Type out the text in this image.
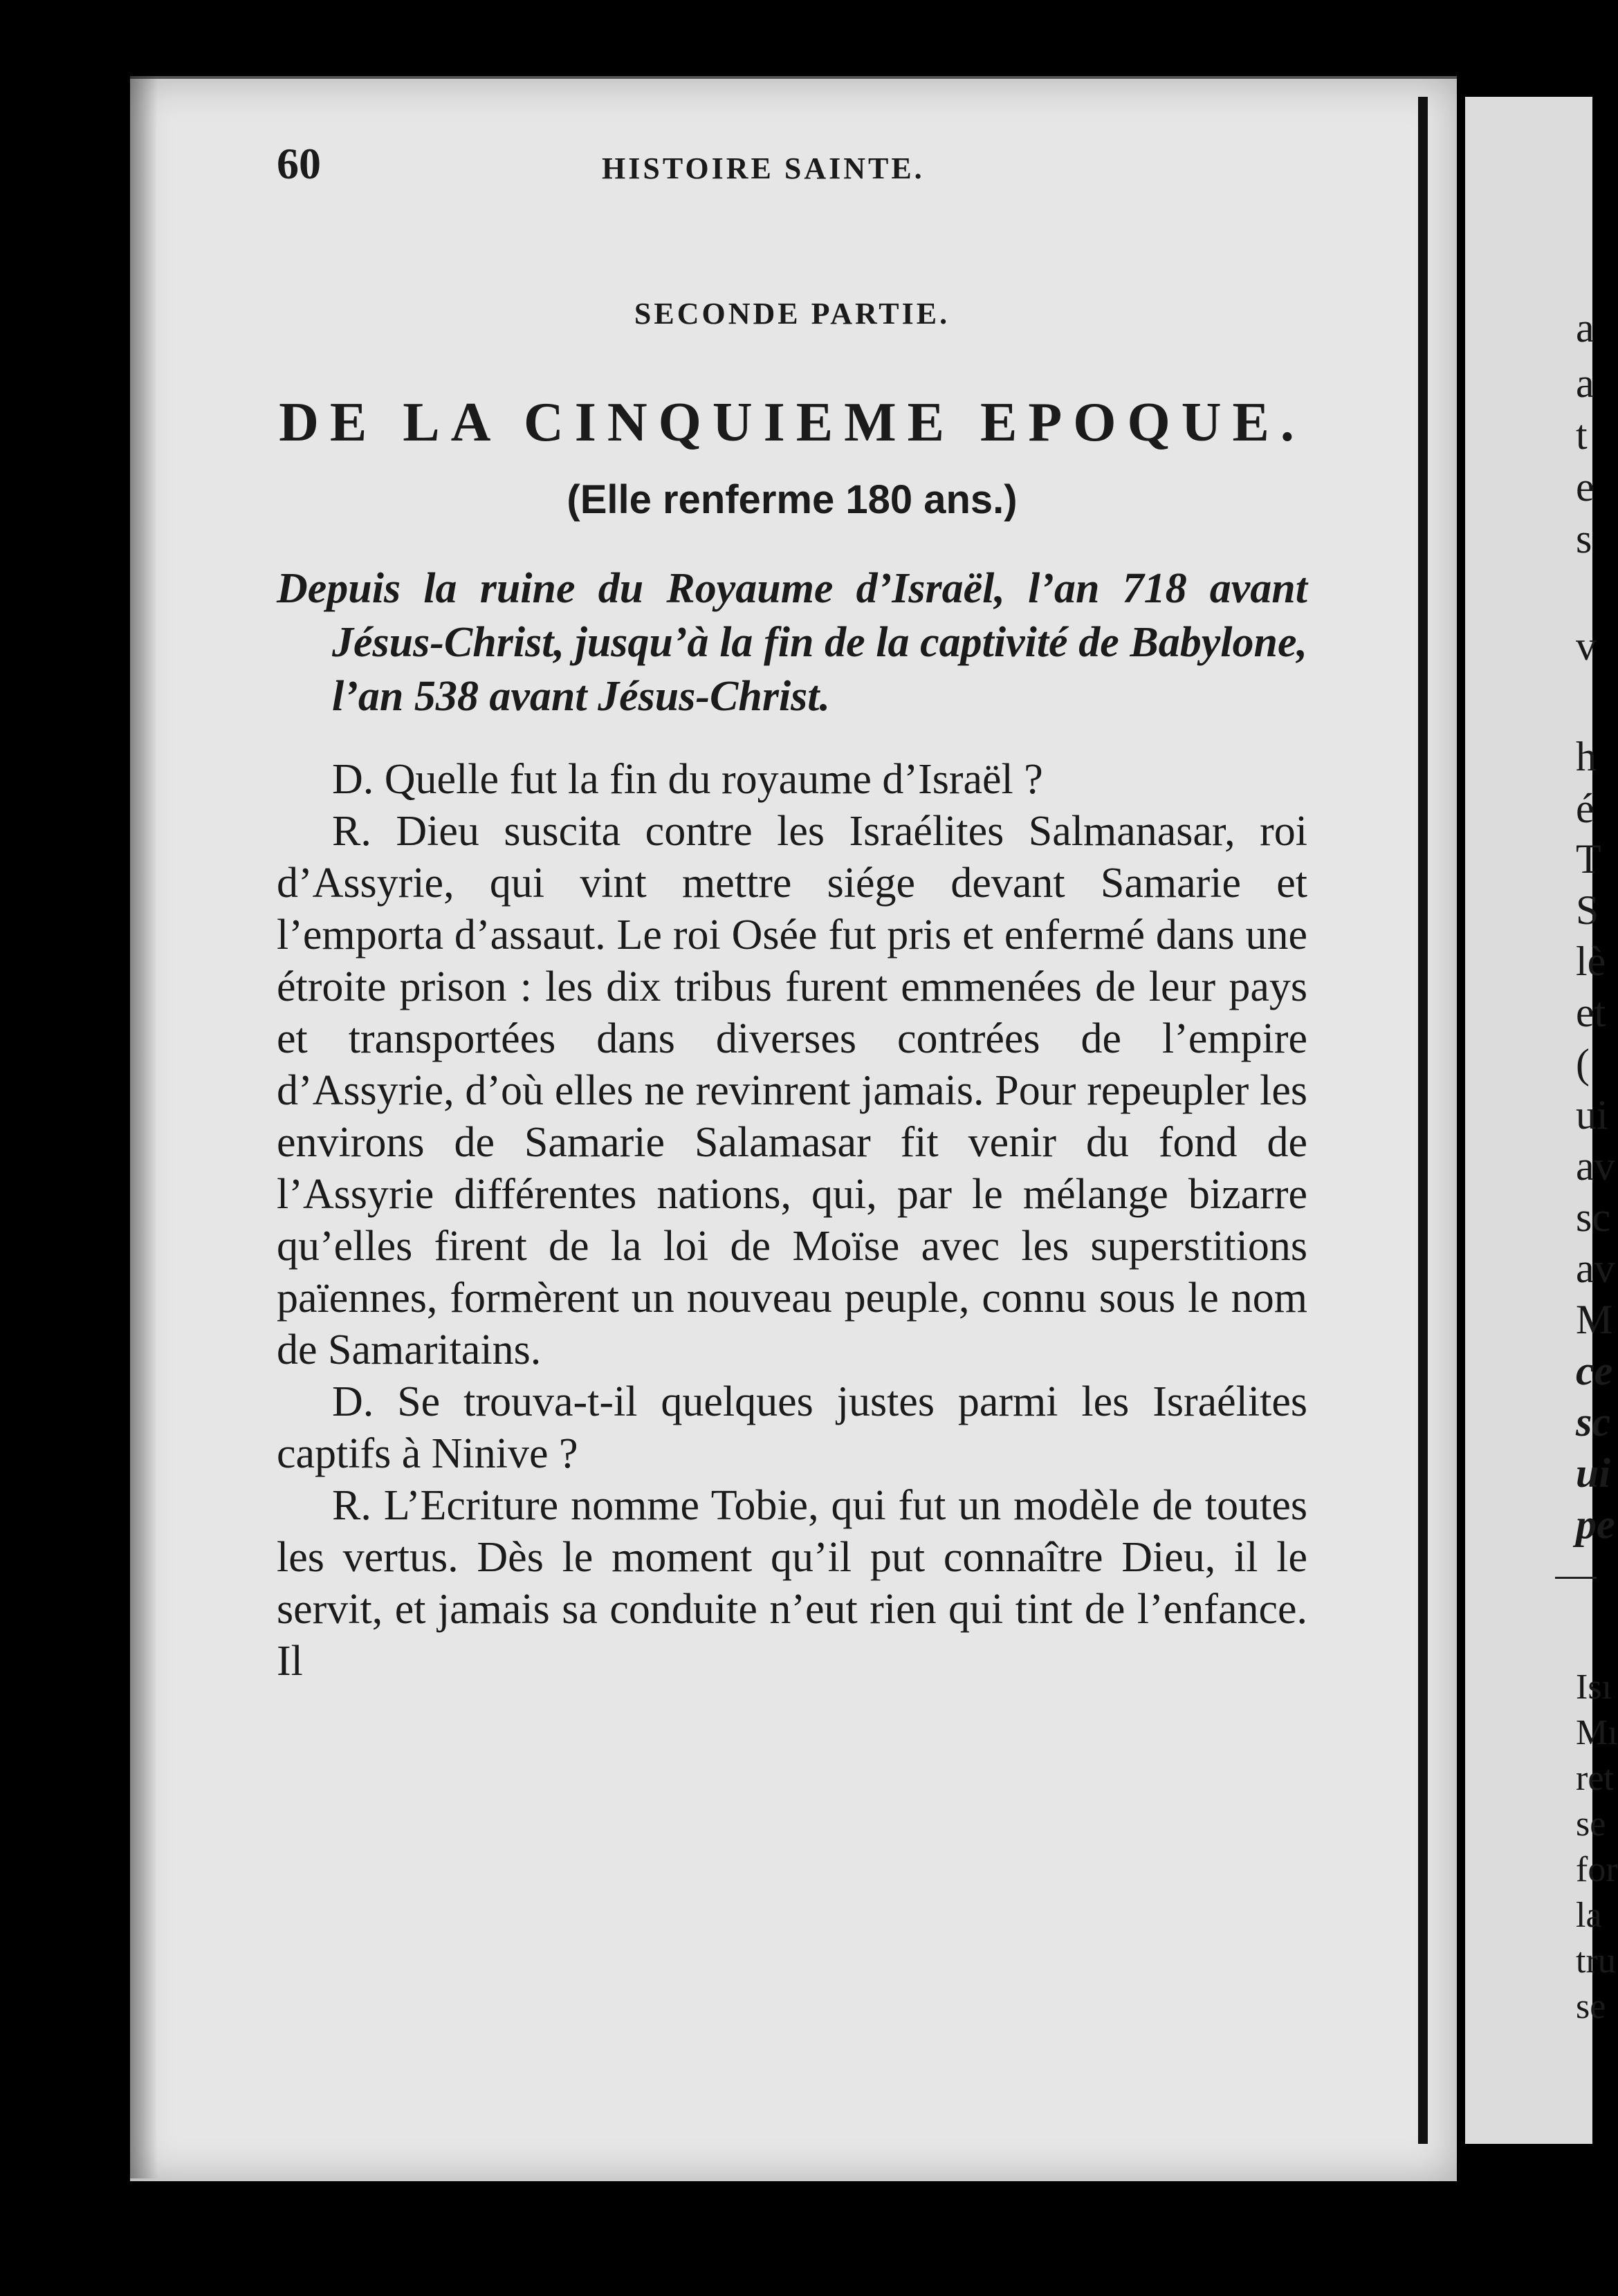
a
a
t
e
s
v
h
é
T
S
lè
et
(
ui
av
sc
av
M
ce
sc
ui
pe
Isı
Mı
ret
se
for
la
tru
se
60	HISTOIRE SAINTE.
SECONDE PARTIE.
DE LA CINQUIEME EPOQUE.
(Elle renferme 180 ans.)
Depuis la ruine du Royaume d’Israël, l’an 718 avant Jésus-Christ, jusqu’à la fin de la captivité de Babylone, l’an 538 avant Jésus-Christ.

D. Quelle fut la fin du royaume d’Israël ?

R. Dieu suscita contre les Israélites Salmanasar, roi d’Assyrie, qui vint mettre siége devant Samarie et l’emporta d’assaut. Le roi Osée fut pris et enfermé dans une étroite prison : les dix tribus furent emmenées de leur pays et transportées dans diverses contrées de l’empire d’Assyrie, d’où elles ne revinrent jamais. Pour repeupler les environs de Samarie Salamasar fit venir du fond de l’Assyrie différentes nations, qui, par le mélange bizarre qu’elles firent de la loi de Moïse avec les superstitions païennes, formèrent un nouveau peuple, connu sous le nom de Samaritains.

D. Se trouva-t-il quelques justes parmi les Israélites captifs à Ninive ?

R. L’Ecriture nomme Tobie, qui fut un modèle de toutes les vertus. Dès le moment qu’il put connaître Dieu, il le servit, et jamais sa conduite n’eut rien qui tint de l’enfance. Il
